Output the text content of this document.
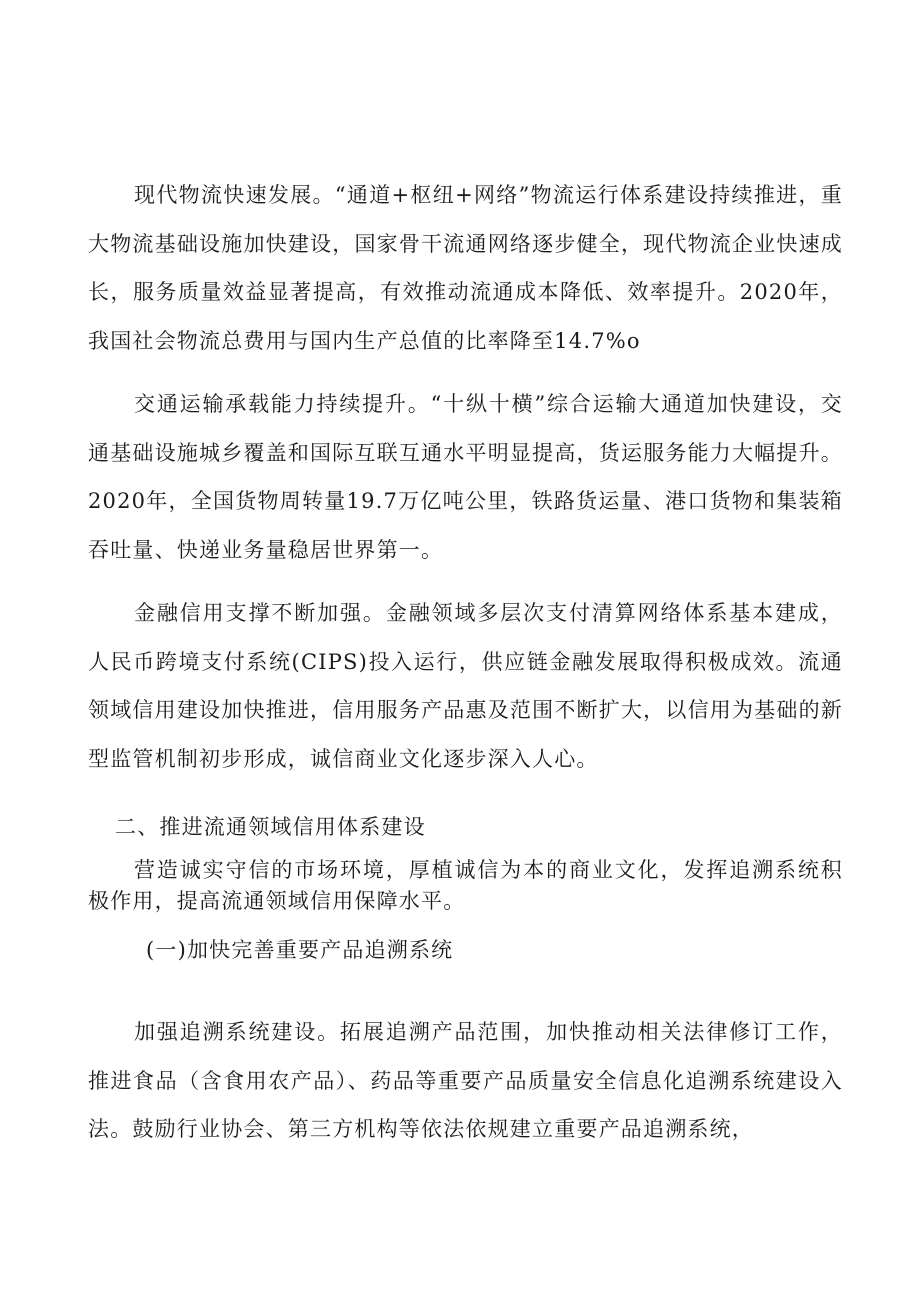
现代物流快速发展。“通道+枢纽+网络”物流运行体系建设持续推进，重大物流基础设施加快建设，国家骨干流通网络逐步健全，现代物流企业快速成长，服务质量效益显著提高，有效推动流通成本降低、效率提升。2020年，我国社会物流总费用与国内生产总值的比率降至14.7%o

交通运输承载能力持续提升。“十纵十横”综合运输大通道加快建设，交通基础设施城乡覆盖和国际互联互通水平明显提高，货运服务能力大幅提升。2020年，全国货物周转量19.7万亿吨公里，铁路货运量、港口货物和集装箱吞吐量、快递业务量稳居世界第一。

金融信用支撑不断加强。金融领域多层次支付清算网络体系基本建成，人民币跨境支付系统(CIPS)投入运行，供应链金融发展取得积极成效。流通领域信用建设加快推进，信用服务产品惠及范围不断扩大，以信用为基础的新型监管机制初步形成，诚信商业文化逐步深入人心。

二、推进流通领域信用体系建设

营造诚实守信的市场环境，厚植诚信为本的商业文化，发挥追溯系统积极作用，提高流通领域信用保障水平。

(一)加快完善重要产品追溯系统

加强追溯系统建设。拓展追溯产品范围，加快推动相关法律修订工作，推进食品（含食用农产品）、药品等重要产品质量安全信息化追溯系统建设入法。鼓励行业协会、第三方机构等依法依规建立重要产品追溯系统，
